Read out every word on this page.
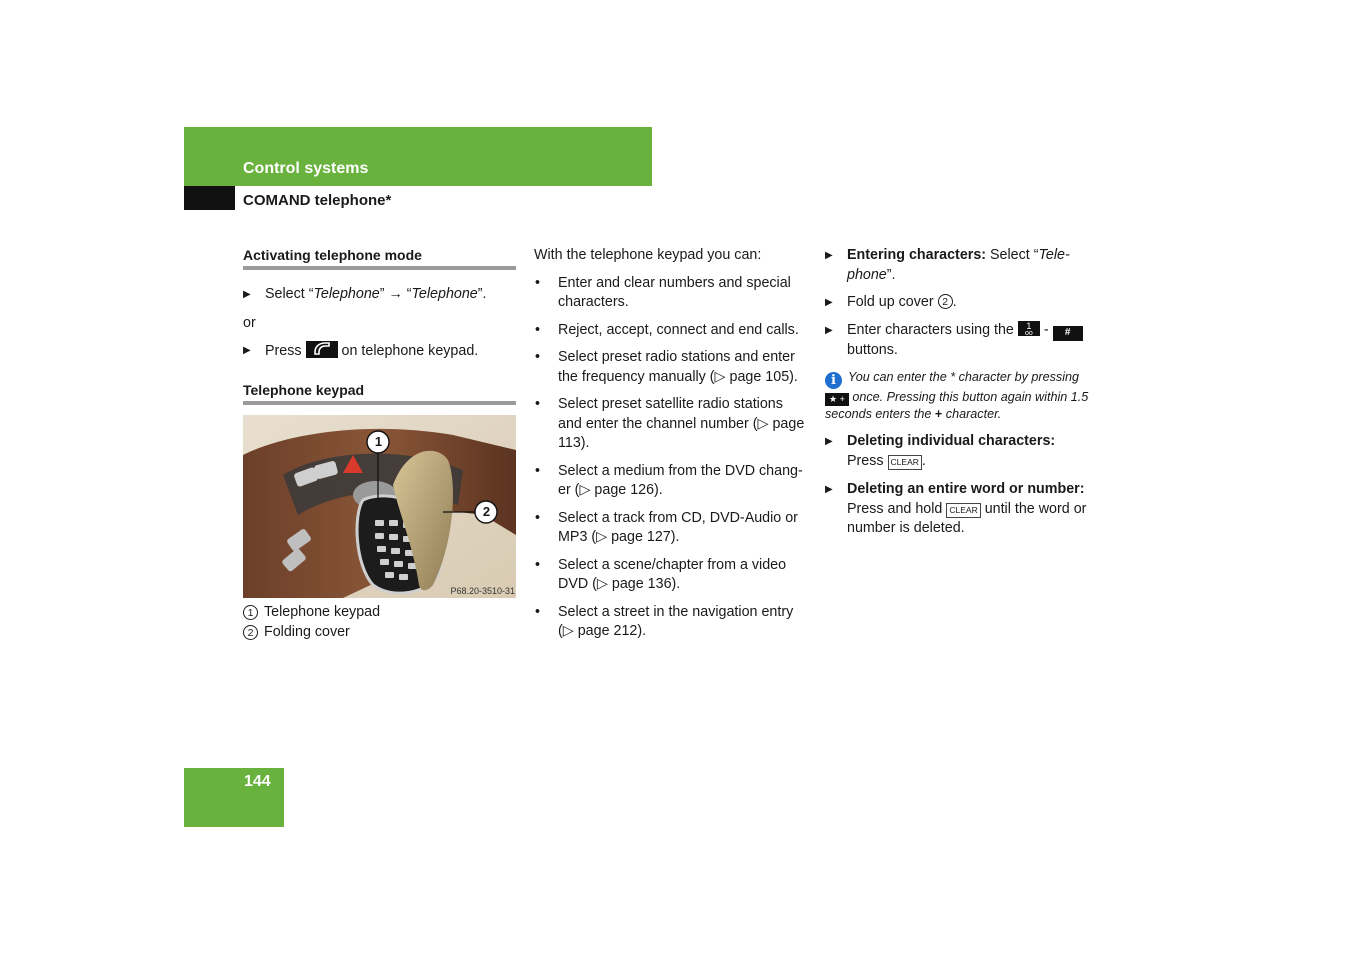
Control systems
COMAND telephone*
Activating telephone mode
▶ Select “Telephone” → “Telephone”.
or
▶ Press	on telephone keypad.
Telephone keypad
1
2
P68.20-3510-31
1 Telephone keypad
2 Folding cover
With the telephone keypad you can:
•	Enter and clear numbers and special characters.
•	Reject, accept, connect and end calls.
•	Select preset radio stations and enter the frequency manually (▷ page 105).
•	Select preset satellite radio stations and enter the channel number (▷ page 113).
•	Select a medium from the DVD chang- er (▷ page 126).
•	Select a track from CD, DVD-Audio or MP3 (▷ page 127).
•	Select a scene/chapter from a video DVD (▷ page 136).
•	Select a street in the navigation entry (▷ page 212).
▶ Entering characters: Select “Tele- phone”.
▶ Fold up cover 2 .
▶ Enter characters using the	1
oo - #
buttons.
i You can enter the * character by pressing ★ + once. Pressing this button again within 1.5 seconds enters the + character.
▶ Deleting individual characters:
Press CLEAR .
▶ Deleting an entire word or number:
Press and hold CLEAR until the word or number is deleted.
144
